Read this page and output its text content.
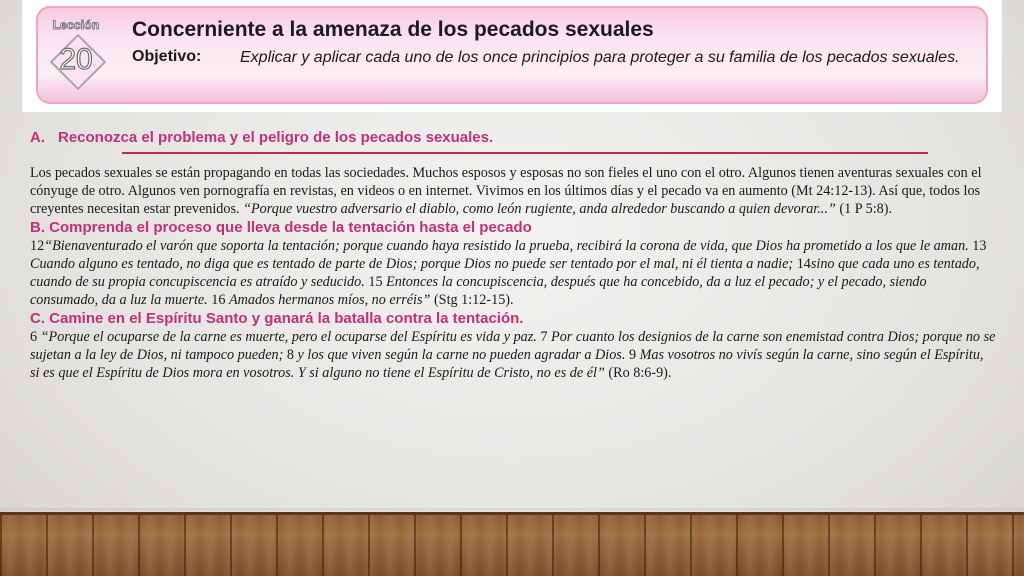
Lección
20
Concerniente a la amenaza de los pecados sexuales
Objetivo: Explicar y aplicar cada uno de los once principios para proteger a su familia de los pecados sexuales.
A. Reconozca el problema y el peligro de los pecados sexuales.

Los pecados sexuales se están propagando en todas las sociedades. Muchos esposos y esposas no son fieles el uno con el otro. Algunos tienen aventuras sexuales con el cónyuge de otro. Algunos ven pornografía en revistas, en videos o en internet. Vivimos en los últimos días y el pecado va en aumento (Mt 24:12-13). Así que, todos los creyentes necesitan estar prevenidos. “Porque vuestro adversario el diablo, como león rugiente, anda alrededor buscando a quien devorar...” (1 P 5:8).

B. Comprenda el proceso que lleva desde la tentación hasta el pecado

12“Bienaventurado el varón que soporta la tentación; porque cuando haya resistido la prueba, recibirá la corona de vida, que Dios ha prometido a los que le aman. 13 Cuando alguno es tentado, no diga que es tentado de parte de Dios; porque Dios no puede ser tentado por el mal, ni él tienta a nadie; 14sino que cada uno es tentado, cuando de su propia concupiscencia es atraído y seducido. 15 Entonces la concupiscencia, después que ha concebido, da a luz el pecado; y el pecado, siendo consumado, da a luz la muerte. 16 Amados hermanos míos, no erréis” (Stg 1:12-15).

C. Camine en el Espíritu Santo y ganará la batalla contra la tentación.

6 “Porque el ocuparse de la carne es muerte, pero el ocuparse del Espíritu es vida y paz. 7 Por cuanto los designios de la carne son enemistad contra Dios; porque no se sujetan a la ley de Dios, ni tampoco pueden; 8 y los que viven según la carne no pueden agradar a Dios. 9 Mas vosotros no vivís según la carne, sino según el Espíritu, si es que el Espíritu de Dios mora en vosotros. Y si alguno no tiene el Espíritu de Cristo, no es de él” (Ro 8:6-9).
